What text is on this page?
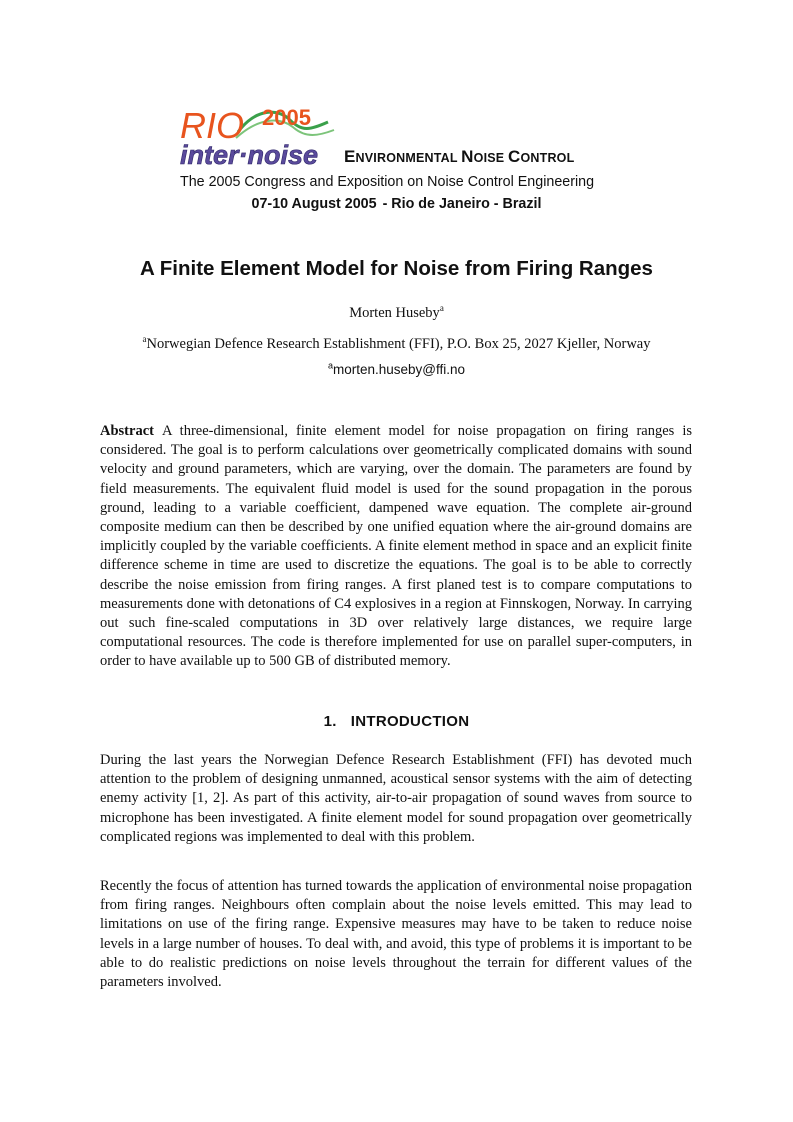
RIO 2005
inter·noise ENVIRONMENTAL NOISE CONTROL
The 2005 Congress and Exposition on Noise Control Engineering
07-10 August 2005 - Rio de Janeiro - Brazil
A Finite Element Model for Noise from Firing Ranges
Morten Huseby$^a$
$^a$Norwegian Defence Research Establishment (FFI), P.O. Box 25, 2027 Kjeller, Norway
$^a$morten.huseby@ffi.no
Abstract A three-dimensional, finite element model for noise propagation on firing ranges is considered. The goal is to perform calculations over geometrically complicated domains with sound velocity and ground parameters, which are varying, over the domain. The parameters are found by field measurements. The equivalent fluid model is used for the sound propagation in the porous ground, leading to a variable coefficient, dampened wave equation. The complete air-ground composite medium can then be described by one unified equation where the air-ground domains are implicitly coupled by the variable coefficients. A finite element method in space and an explicit finite difference scheme in time are used to discretize the equations. The goal is to be able to correctly describe the noise emission from firing ranges. A first planed test is to compare computations to measurements done with detonations of C4 explosives in a region at Finnskogen, Norway. In carrying out such fine-scaled computations in 3D over relatively large distances, we require large computational resources. The code is therefore implemented for use on parallel super-computers, in order to have available up to 500 GB of distributed memory.
1. INTRODUCTION
During the last years the Norwegian Defence Research Establishment (FFI) has devoted much attention to the problem of designing unmanned, acoustical sensor systems with the aim of detecting enemy activity [1, 2]. As part of this activity, air-to-air propagation of sound waves from source to microphone has been investigated. A finite element model for sound propagation over geometrically complicated regions was implemented to deal with this problem.
Recently the focus of attention has turned towards the application of environmental noise propagation from firing ranges. Neighbours often complain about the noise levels emitted. This may lead to limitations on use of the firing range. Expensive measures may have to be taken to reduce noise levels in a large number of houses. To deal with, and avoid, this type of problems it is important to be able to do realistic predictions on noise levels throughout the terrain for different values of the parameters involved.
